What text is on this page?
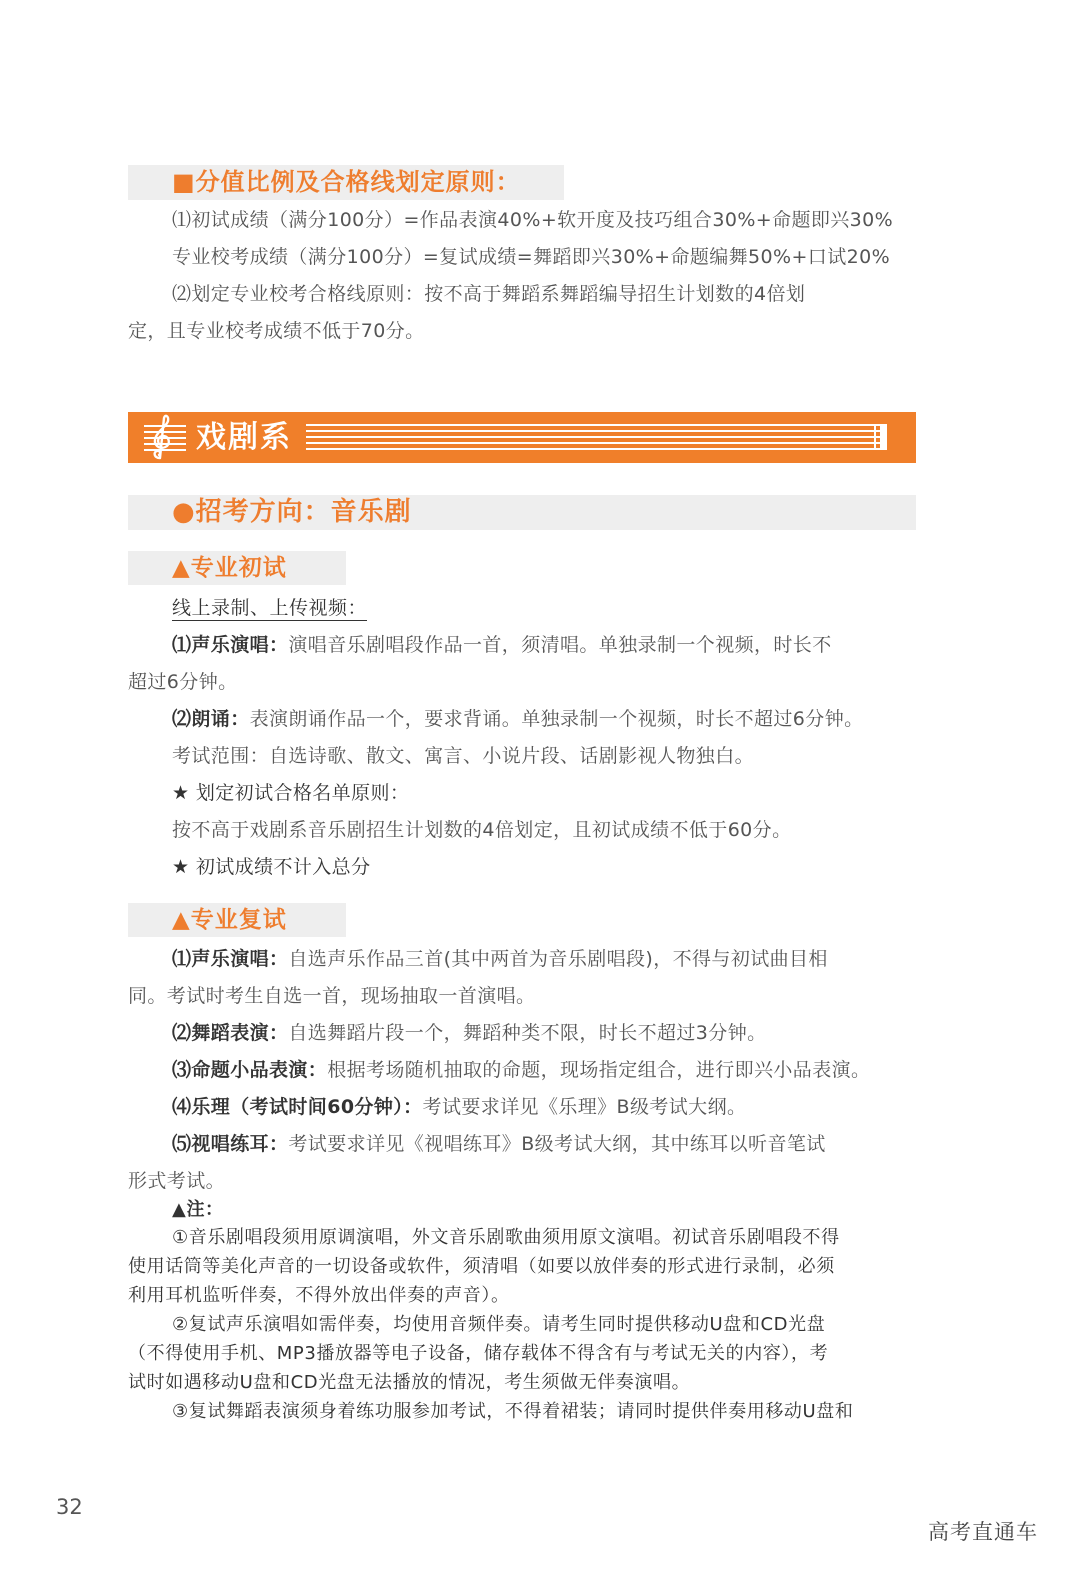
■分值比例及合格线划定原则：
⑴初试成绩（满分100分）=作品表演40%+软开度及技巧组合30%+命题即兴30%
专业校考成绩（满分100分）=复试成绩=舞蹈即兴30%+命题编舞50%+口试20%
⑵划定专业校考合格线原则：按不高于舞蹈系舞蹈编导招生计划数的4倍划
定，且专业校考成绩不低于70分。
戏剧系
●招考方向：音乐剧
▲专业初试
线上录制、上传视频：
⑴声乐演唱：演唱音乐剧唱段作品一首，须清唱。单独录制一个视频，时长不
超过6分钟。
⑵朗诵：表演朗诵作品一个，要求背诵。单独录制一个视频，时长不超过6分钟。
考试范围：自选诗歌、散文、寓言、小说片段、话剧影视人物独白。
★ 划定初试合格名单原则：
按不高于戏剧系音乐剧招生计划数的4倍划定，且初试成绩不低于60分。
★ 初试成绩不计入总分
▲专业复试
⑴声乐演唱：自选声乐作品三首(其中两首为音乐剧唱段)，不得与初试曲目相
同。考试时考生自选一首，现场抽取一首演唱。
⑵舞蹈表演：自选舞蹈片段一个，舞蹈种类不限，时长不超过3分钟。
⑶命题小品表演：根据考场随机抽取的命题，现场指定组合，进行即兴小品表演。
⑷乐理（考试时间60分钟）：考试要求详见《乐理》B级考试大纲。
⑸视唱练耳：考试要求详见《视唱练耳》B级考试大纲，其中练耳以听音笔试
形式考试。
▲注：
①音乐剧唱段须用原调演唱，外文音乐剧歌曲须用原文演唱。初试音乐剧唱段不得
使用话筒等美化声音的一切设备或软件，须清唱（如要以放伴奏的形式进行录制，必须
利用耳机监听伴奏，不得外放出伴奏的声音）。
②复试声乐演唱如需伴奏，均使用音频伴奏。请考生同时提供移动U盘和CD光盘
（不得使用手机、MP3播放器等电子设备，储存载体不得含有与考试无关的内容），考
试时如遇移动U盘和CD光盘无法播放的情况，考生须做无伴奏演唱。
③复试舞蹈表演须身着练功服参加考试，不得着裙装；请同时提供伴奏用移动U盘和
32
高考直通车
